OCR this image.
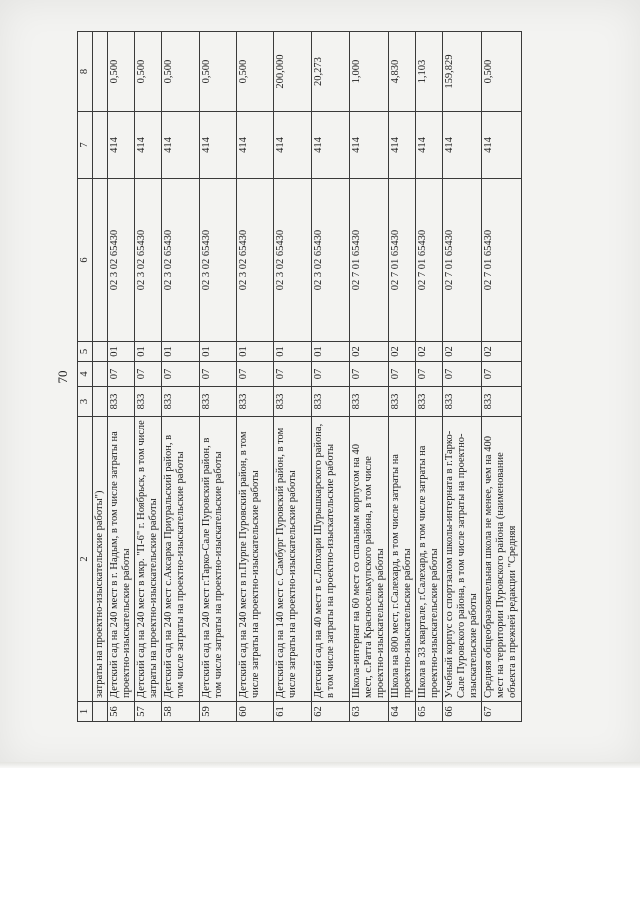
70
1	2	3	4	5	6	7	8
	затраты на проектно-изыскательские работы")						
56	Детский сад на 240 мест в г. Надым, в том числе затраты на проектно-изыскательские работы	833	07	01	02 3 02 65430	414	0,500
57	Детский сад на 240 мест в мкр. "П-6" г. Ноябрьск, в том числе затраты на проектно-изыскательские работы	833	07	01	02 3 02 65430	414	0,500
58	Детский сад на 240 мест с.Аксарка Приуральский район, в том числе затраты на проектно-изыскательские работы	833	07	01	02 3 02 65430	414	0,500
59	Детский сад на 240 мест г.Тарко-Сале Пуровский район, в том числе затраты на проектно-изыскательские работы	833	07	01	02 3 02 65430	414	0,500
60	Детский сад на 240 мест в п.Пурпе Пуровский район, в том числе затраты на проектно-изыскательские работы	833	07	01	02 3 02 65430	414	0,500
61	Детский сад на 140 мест с. Самбург Пуровский район, в том числе затраты на проектно-изыскательские работы	833	07	01	02 3 02 65430	414	200,000
62	Детский сад на 40 мест в с.Лопхари Шурышкарского района, в том числе затраты на проектно-изыскательские работы	833	07	01	02 3 02 65430	414	20,273
63	Школа-интернат на 60 мест со спальным корпусом на 40 мест, с.Ратта Красноселькупского района, в том числе проектно-изыскательские работы	833	07	02	02 7 01 65430	414	1,000
64	Школа на 800 мест, г.Салехард, в том числе затраты на проектно-изыскательские работы	833	07	02	02 7 01 65430	414	4,830
65	Школа в 33 квартале, г.Салехард, в том числе затраты на проектно-изыскательские работы	833	07	02	02 7 01 65430	414	1,103
66	Учебный корпус со спортзалом школы-интерната в г.Тарко-Сале Пуровского района, в том числе затраты на проектно-изыскательские работы	833	07	02	02 7 01 65430	414	159,829
67	Средняя общеобразовательная школа не менее, чем на 400 мест на территории Пуровского района (наименование объекта в прежней редакции "Средняя	833	07	02	02 7 01 65430	414	0,500
